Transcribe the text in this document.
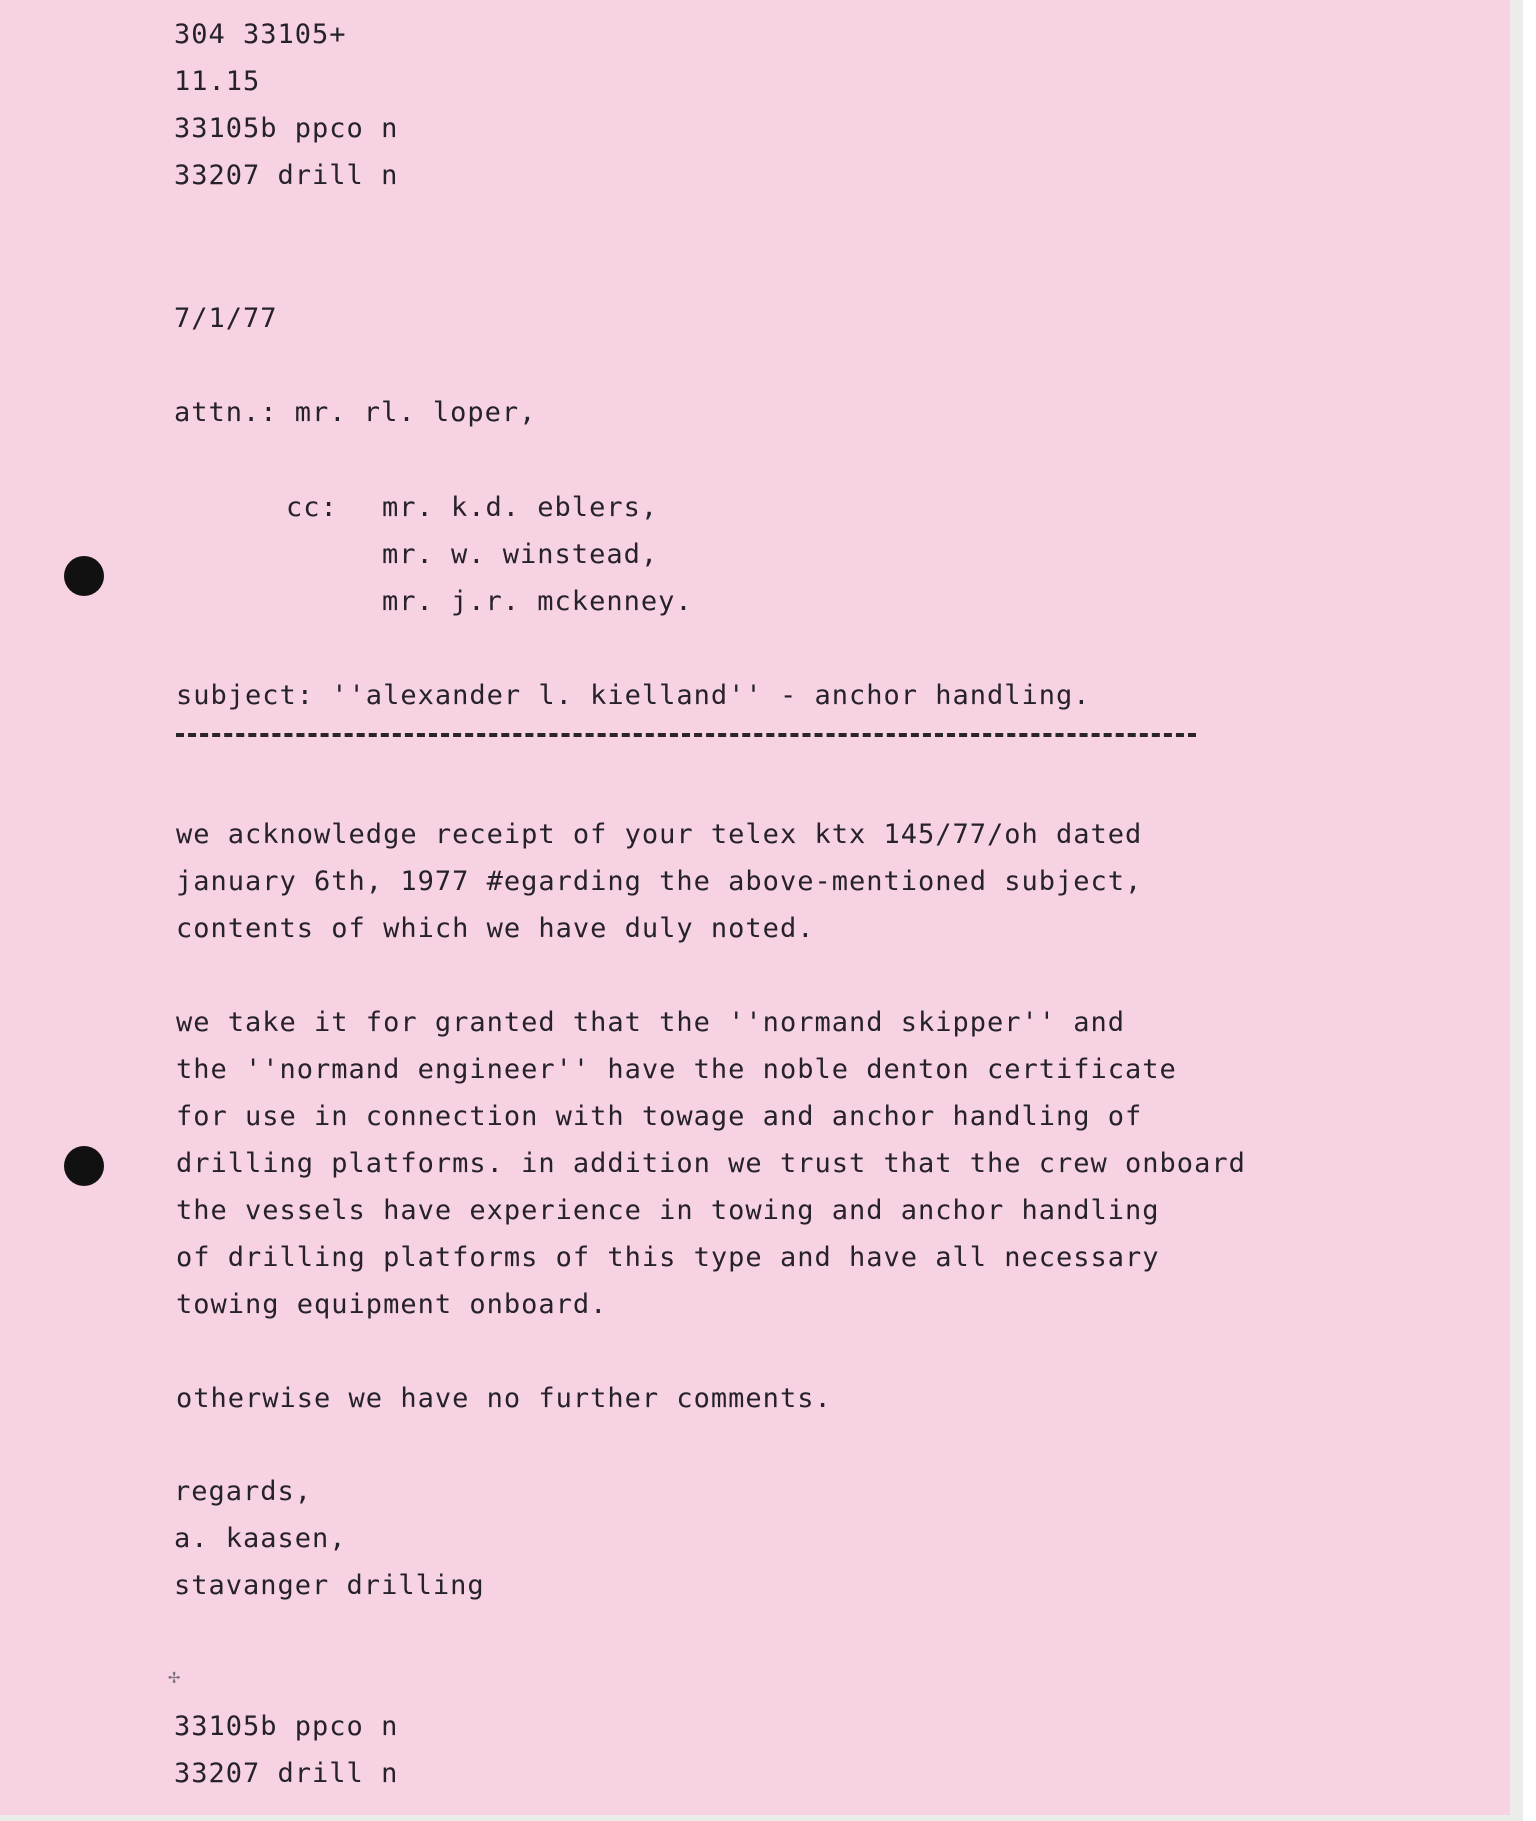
304 33105+
11.15
33105b ppco n
33207 drill n
7/1/77
attn.: mr. rl. loper,
cc: mr. k.d. eblers,
mr. w. winstead,
mr. j.r. mckenney.
subject: ''alexander l. kielland'' - anchor handling.
we acknowledge receipt of your telex ktx 145/77/oh dated
january 6th, 1977 #egarding the above-mentioned subject,
contents of which we have duly noted.
we take it for granted that the ''normand skipper'' and
the ''normand engineer'' have the noble denton certificate
for use in connection with towage and anchor handling of
drilling platforms. in addition we trust that the crew onboard
the vessels have experience in towing and anchor handling
of drilling platforms of this type and have all necessary
towing equipment onboard.
otherwise we have no further comments.
regards,
a. kaasen,
stavanger drilling
✢
33105b ppco n
33207 drill n
